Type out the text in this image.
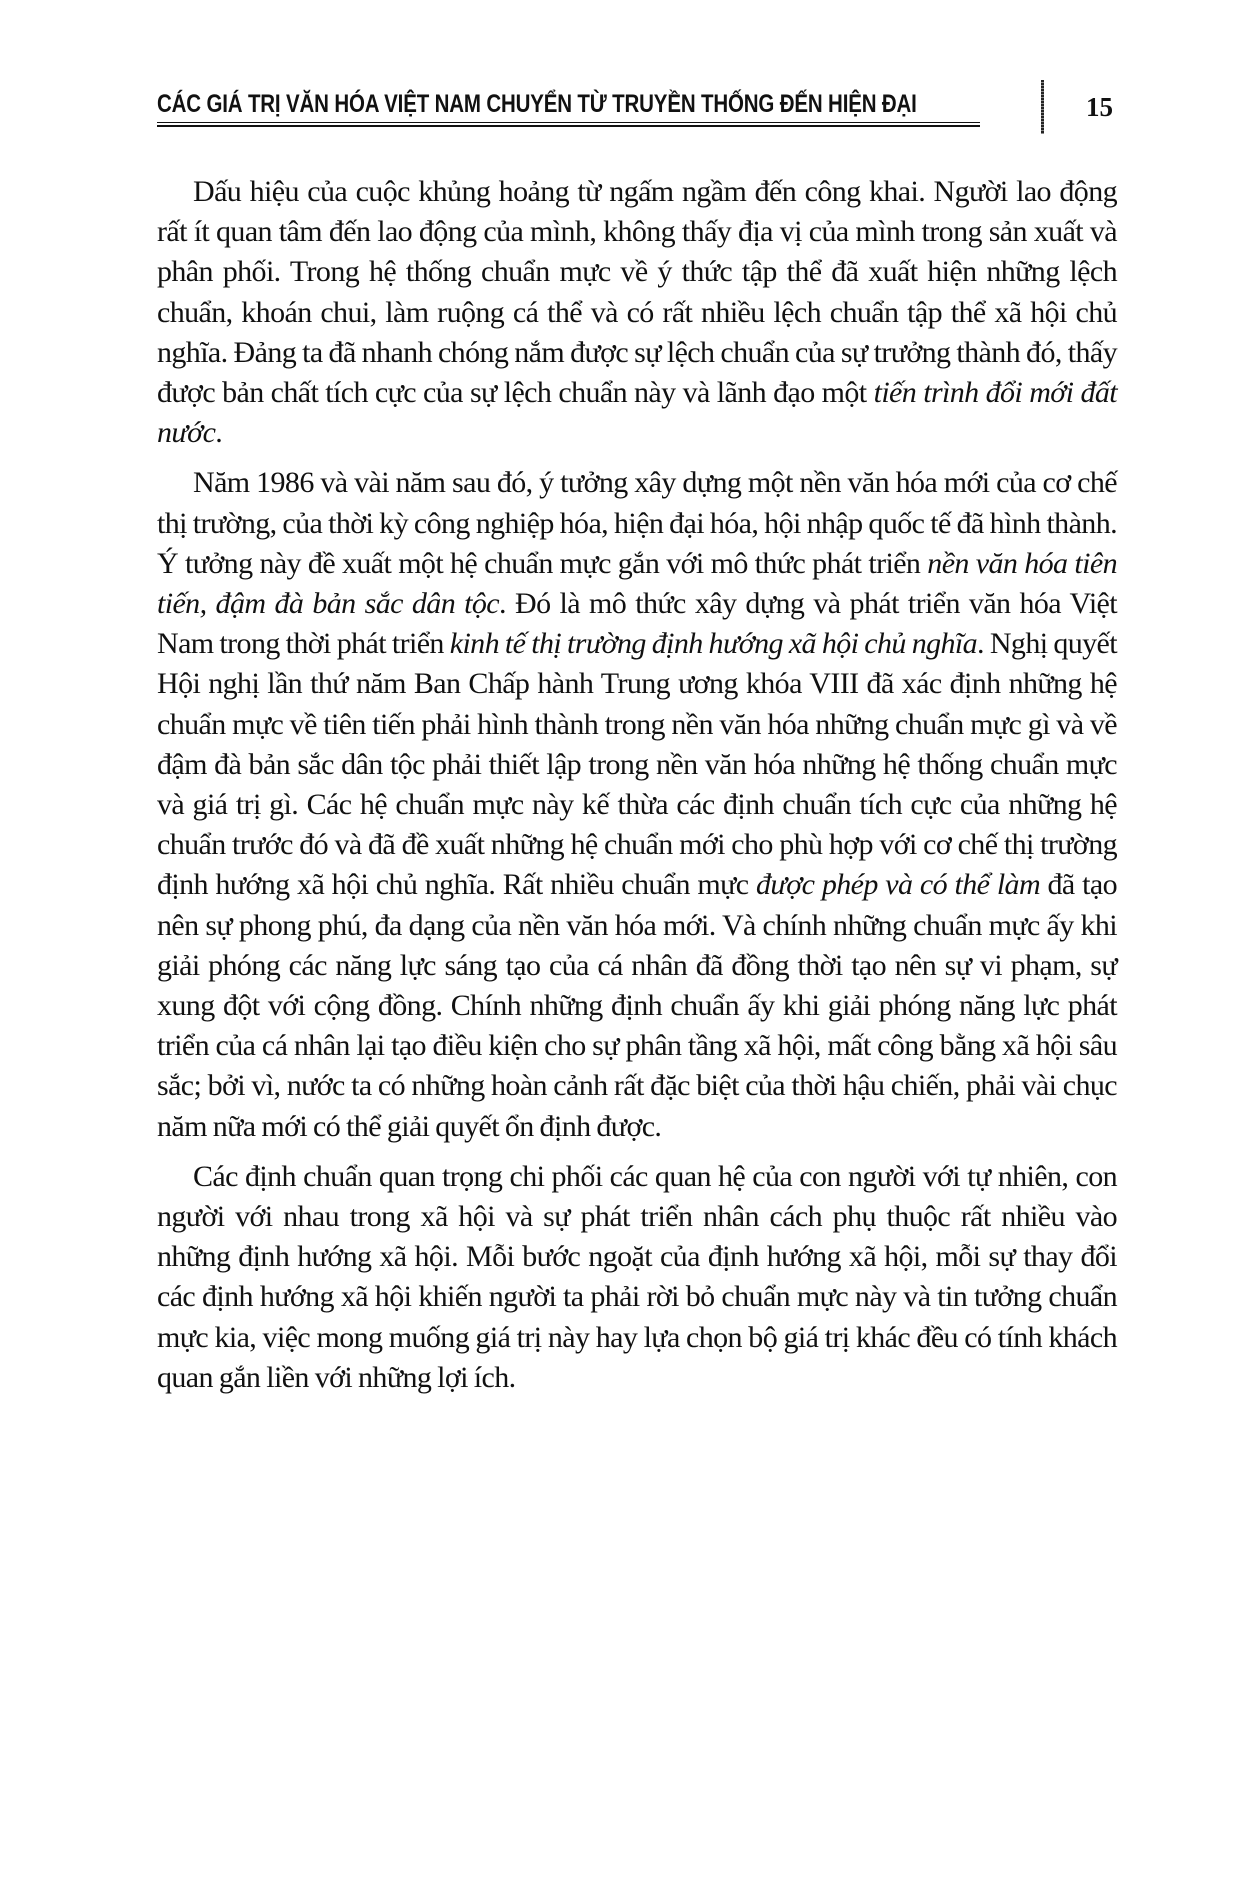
CÁC GIÁ TRỊ VĂN HÓA VIỆT NAM CHUYỂN TỪ TRUYỀN THỐNG ĐẾN HIỆN ĐẠI	15

Dấu hiệu của cuộc khủng hoảng từ ngấm ngầm đến công khai. Người lao động rất ít quan tâm đến lao động của mình, không thấy địa vị của mình trong sản xuất và phân phối. Trong hệ thống chuẩn mực về ý thức tập thể đã xuất hiện những lệch chuẩn, khoán chui, làm ruộng cá thể và có rất nhiều lệch chuẩn tập thể xã hội chủ nghĩa. Đảng ta đã nhanh chóng nắm được sự lệch chuẩn của sự trưởng thành đó, thấy được bản chất tích cực của sự lệch chuẩn này và lãnh đạo một tiến trình đổi mới đất nước.

Năm 1986 và vài năm sau đó, ý tưởng xây dựng một nền văn hóa mới của cơ chế thị trường, của thời kỳ công nghiệp hóa, hiện đại hóa, hội nhập quốc tế đã hình thành. Ý tưởng này đề xuất một hệ chuẩn mực gắn với mô thức phát triển nền văn hóa tiên tiến, đậm đà bản sắc dân tộc. Đó là mô thức xây dựng và phát triển văn hóa Việt Nam trong thời phát triển kinh tế thị trường định hướng xã hội chủ nghĩa. Nghị quyết Hội nghị lần thứ năm Ban Chấp hành Trung ương khóa VIII đã xác định những hệ chuẩn mực về tiên tiến phải hình thành trong nền văn hóa những chuẩn mực gì và về đậm đà bản sắc dân tộc phải thiết lập trong nền văn hóa những hệ thống chuẩn mực và giá trị gì. Các hệ chuẩn mực này kế thừa các định chuẩn tích cực của những hệ chuẩn trước đó và đã đề xuất những hệ chuẩn mới cho phù hợp với cơ chế thị trường định hướng xã hội chủ nghĩa. Rất nhiều chuẩn mực được phép và có thể làm đã tạo nên sự phong phú, đa dạng của nền văn hóa mới. Và chính những chuẩn mực ấy khi giải phóng các năng lực sáng tạo của cá nhân đã đồng thời tạo nên sự vi phạm, sự xung đột với cộng đồng. Chính những định chuẩn ấy khi giải phóng năng lực phát triển của cá nhân lại tạo điều kiện cho sự phân tầng xã hội, mất công bằng xã hội sâu sắc; bởi vì, nước ta có những hoàn cảnh rất đặc biệt của thời hậu chiến, phải vài chục năm nữa mới có thể giải quyết ổn định được.

Các định chuẩn quan trọng chi phối các quan hệ của con người với tự nhiên, con người với nhau trong xã hội và sự phát triển nhân cách phụ thuộc rất nhiều vào những định hướng xã hội. Mỗi bước ngoặt của định hướng xã hội, mỗi sự thay đổi các định hướng xã hội khiến người ta phải rời bỏ chuẩn mực này và tin tưởng chuẩn mực kia, việc mong muống giá trị này hay lựa chọn bộ giá trị khác đều có tính khách quan gắn liền với những lợi ích.
